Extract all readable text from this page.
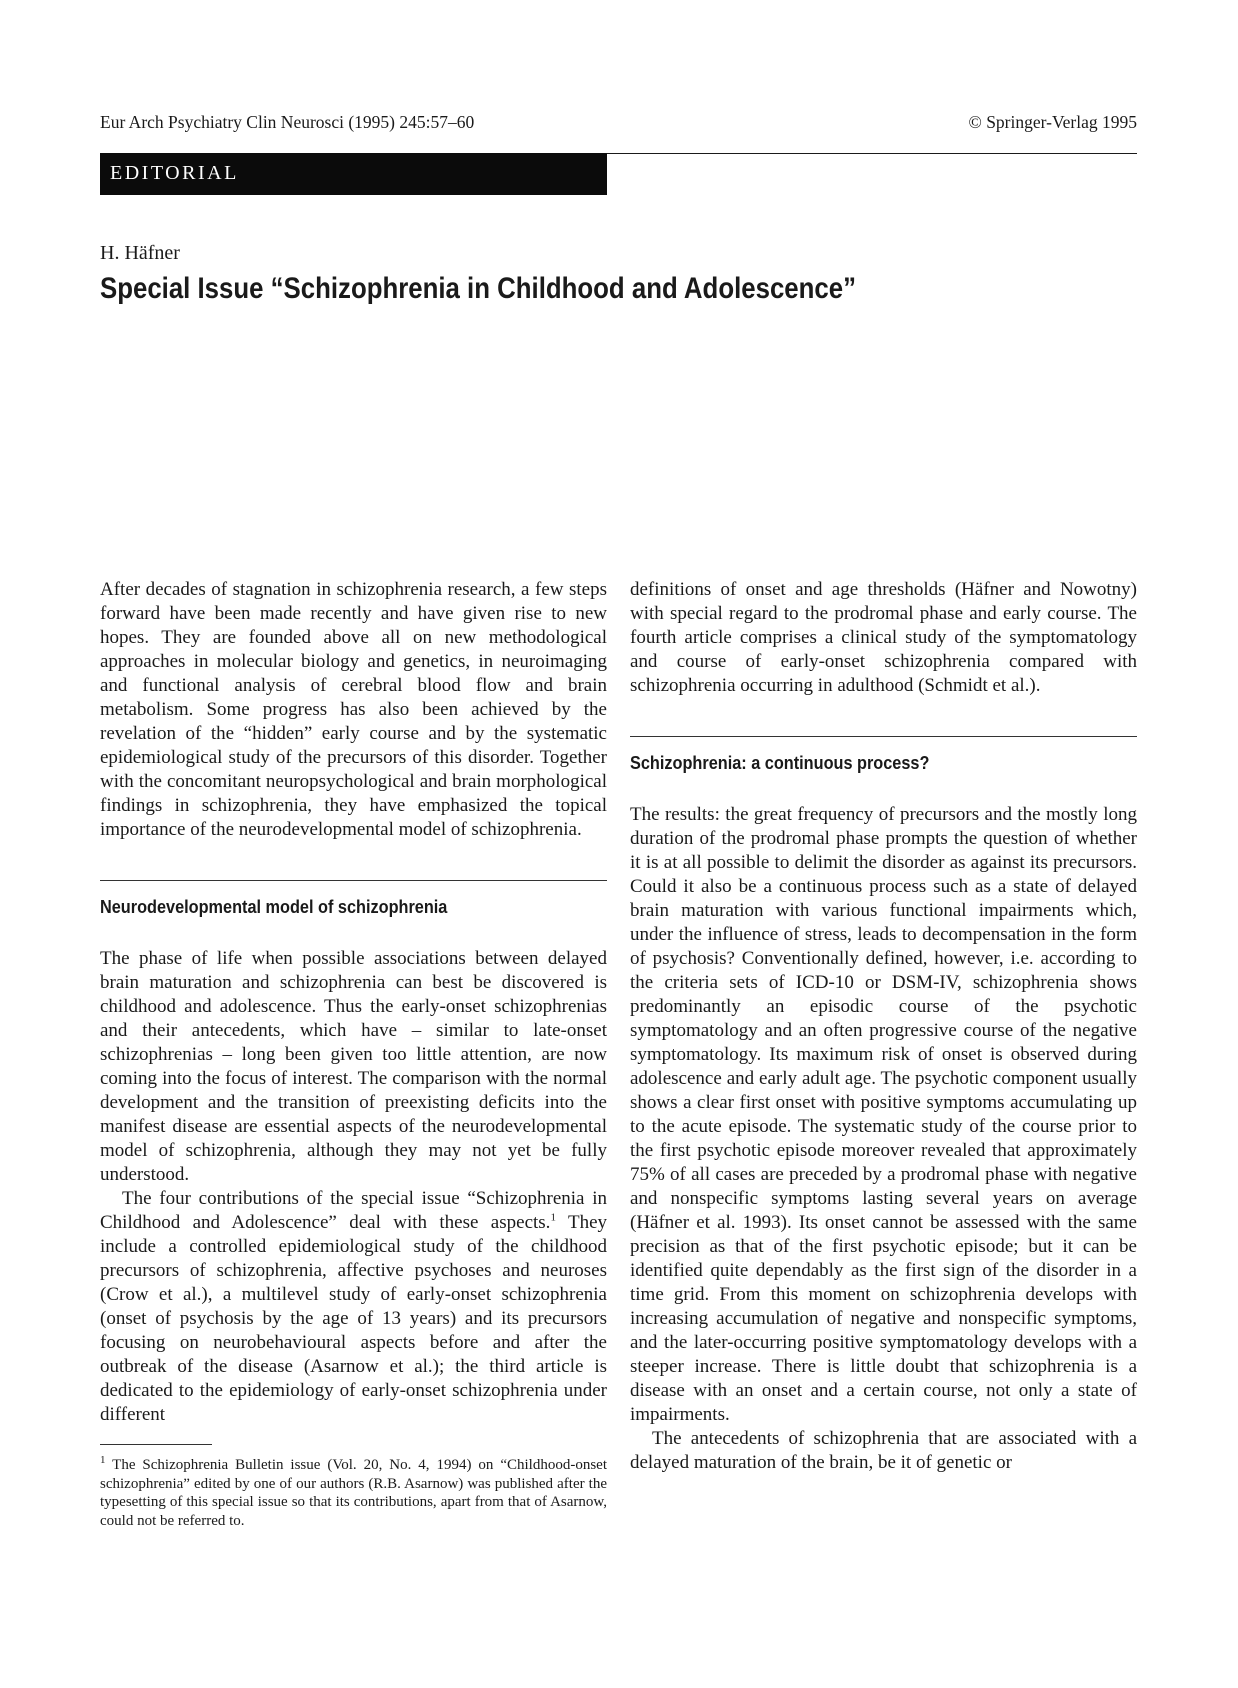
Eur Arch Psychiatry Clin Neurosci (1995) 245:57–60	© Springer-Verlag 1995
EDITORIAL
H. Häfner
Special Issue “Schizophrenia in Childhood and Adolescence”

After decades of stagnation in schizophrenia research, a few steps forward have been made recently and have given rise to new hopes. They are founded above all on new methodological approaches in molecular biology and genetics, in neuroimaging and functional analysis of cerebral blood flow and brain metabolism. Some progress has also been achieved by the revelation of the “hidden” early course and by the systematic epidemiological study of the precursors of this disorder. Together with the concomitant neuropsychological and brain morphological findings in schizophrenia, they have emphasized the topical importance of the neurodevelopmental model of schizophrenia.

Neurodevelopmental model of schizophrenia

The phase of life when possible associations between delayed brain maturation and schizophrenia can best be discovered is childhood and adolescence. Thus the early-onset schizophrenias and their antecedents, which have – similar to late-onset schizophrenias – long been given too little attention, are now coming into the focus of interest. The comparison with the normal development and the transition of preexisting deficits into the manifest disease are essential aspects of the neurodevelopmental model of schizophrenia, although they may not yet be fully understood.

The four contributions of the special issue “Schizophrenia in Childhood and Adolescence” deal with these aspects.$^1$ They include a controlled epidemiological study of the childhood precursors of schizophrenia, affective psychoses and neuroses (Crow et al.), a multilevel study of early-onset schizophrenia (onset of psychosis by the age of 13 years) and its precursors focusing on neurobehavioural aspects before and after the outbreak of the disease (Asarnow et al.); the third article is dedicated to the epidemiology of early-onset schizophrenia under different

definitions of onset and age thresholds (Häfner and Nowotny) with special regard to the prodromal phase and early course. The fourth article comprises a clinical study of the symptomatology and course of early-onset schizophrenia compared with schizophrenia occurring in adulthood (Schmidt et al.).

Schizophrenia: a continuous process?

The results: the great frequency of precursors and the mostly long duration of the prodromal phase prompts the question of whether it is at all possible to delimit the disorder as against its precursors. Could it also be a continuous process such as a state of delayed brain maturation with various functional impairments which, under the influence of stress, leads to decompensation in the form of psychosis? Conventionally defined, however, i.e. according to the criteria sets of ICD-10 or DSM-IV, schizophrenia shows predominantly an episodic course of the psychotic symptomatology and an often progressive course of the negative symptomatology. Its maximum risk of onset is observed during adolescence and early adult age. The psychotic component usually shows a clear first onset with positive symptoms accumulating up to the acute episode. The systematic study of the course prior to the first psychotic episode moreover revealed that approximately 75% of all cases are preceded by a prodromal phase with negative and nonspecific symptoms lasting several years on average (Häfner et al. 1993). Its onset cannot be assessed with the same precision as that of the first psychotic episode; but it can be identified quite dependably as the first sign of the disorder in a time grid. From this moment on schizophrenia develops with increasing accumulation of negative and nonspecific symptoms, and the later-occurring positive symptomatology develops with a steeper increase. There is little doubt that schizophrenia is a disease with an onset and a certain course, not only a state of impairments.

The antecedents of schizophrenia that are associated with a delayed maturation of the brain, be it of genetic or

$^1$ The Schizophrenia Bulletin issue (Vol. 20, No. 4, 1994) on “Childhood-onset schizophrenia” edited by one of our authors (R.B. Asarnow) was published after the typesetting of this special issue so that its contributions, apart from that of Asarnow, could not be referred to.
